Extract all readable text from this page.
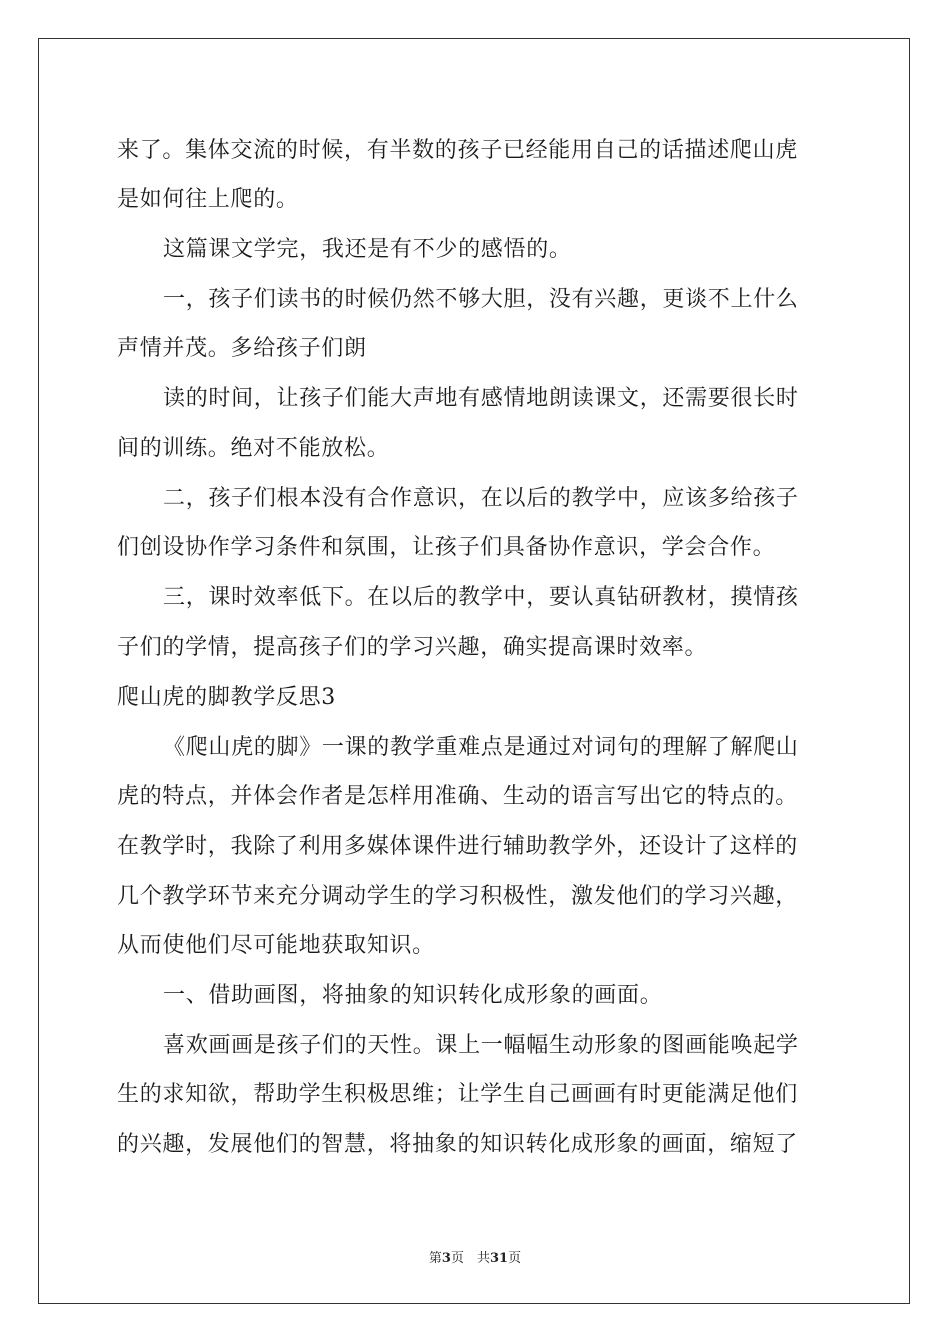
来了。集体交流的时候，有半数的孩子已经能用自己的话描述爬山虎
是如何往上爬的。
这篇课文学完，我还是有不少的感悟的。
一，孩子们读书的时候仍然不够大胆，没有兴趣，更谈不上什么
声情并茂。多给孩子们朗
读的时间，让孩子们能大声地有感情地朗读课文，还需要很长时
间的训练。绝对不能放松。
二，孩子们根本没有合作意识，在以后的教学中，应该多给孩子
们创设协作学习条件和氛围，让孩子们具备协作意识，学会合作。
三，课时效率低下。在以后的教学中，要认真钻研教材，摸情孩
子们的学情，提高孩子们的学习兴趣，确实提高课时效率。
爬山虎的脚教学反思3
《爬山虎的脚》一课的教学重难点是通过对词句的理解了解爬山
虎的特点，并体会作者是怎样用准确、生动的语言写出它的特点的。
在教学时，我除了利用多媒体课件进行辅助教学外，还设计了这样的
几个教学环节来充分调动学生的学习积极性，激发他们的学习兴趣，
从而使他们尽可能地获取知识。
一、借助画图，将抽象的知识转化成形象的画面。
喜欢画画是孩子们的天性。课上一幅幅生动形象的图画能唤起学
生的求知欲，帮助学生积极思维；让学生自己画画有时更能满足他们
的兴趣，发展他们的智慧，将抽象的知识转化成形象的画面，缩短了
第3页　共31页
